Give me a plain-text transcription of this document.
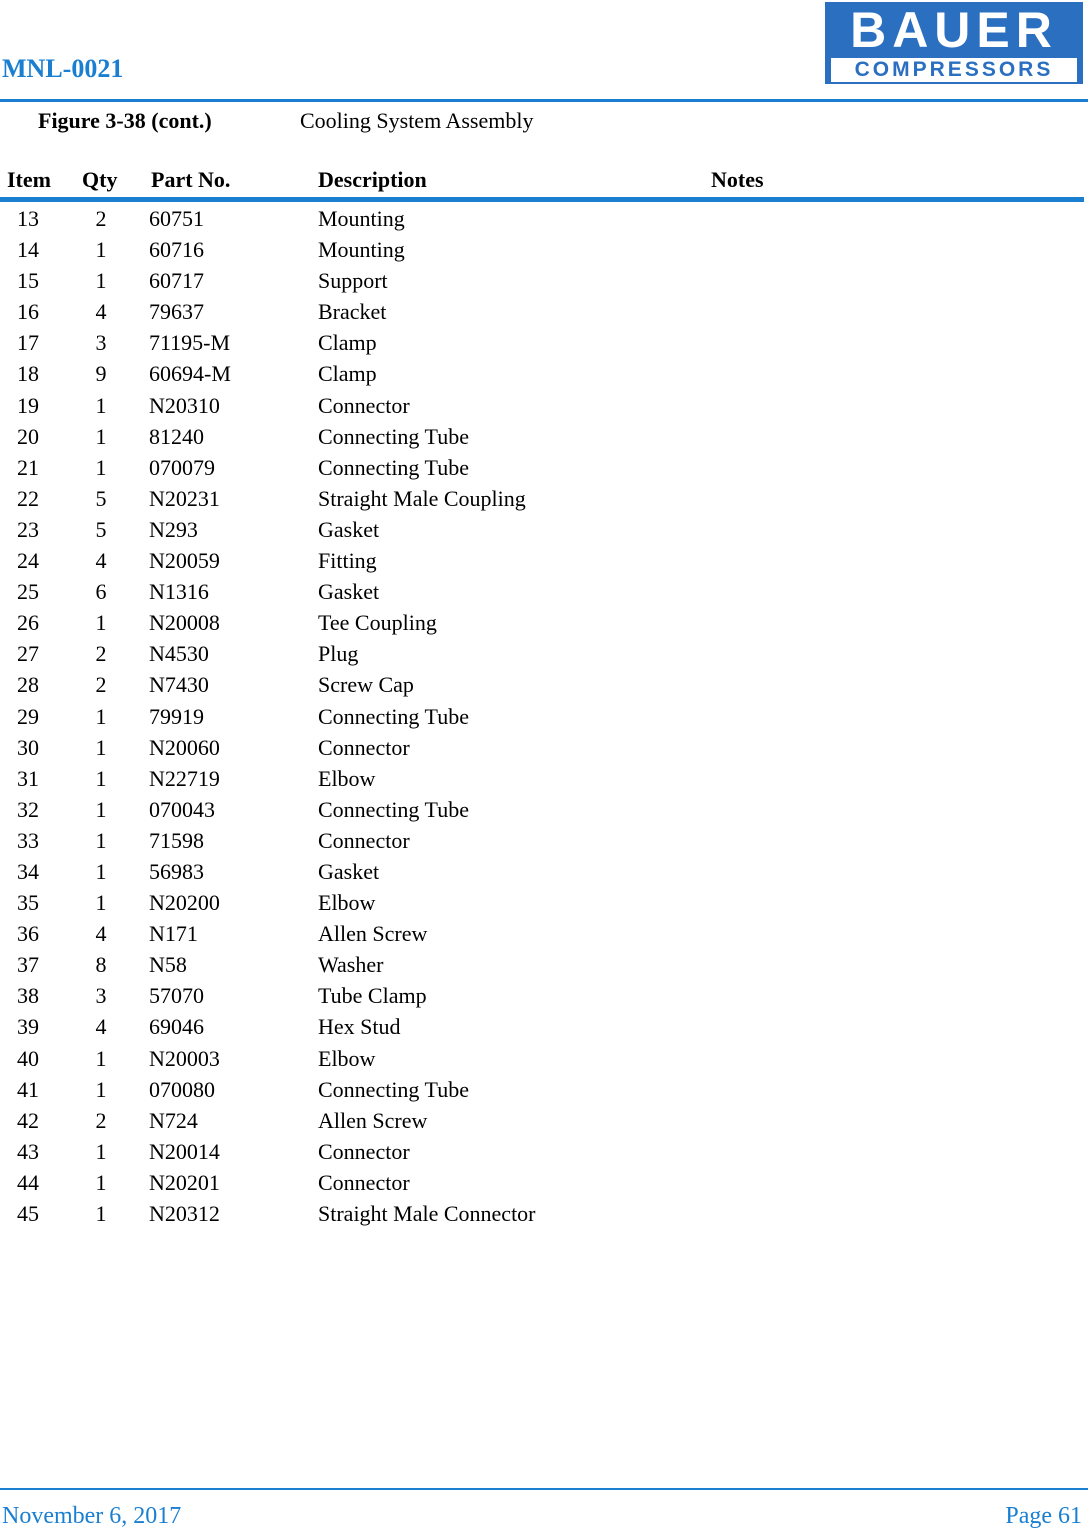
MNL-0021
BAUER
COMPRESSORS
Figure 3-38 (cont.)	Cooling System Assembly
Item Qty Part No.	Description	Notes
13	2	60751	Mounting
14	1	60716	Mounting
15	1	60717	Support
16	4	79637	Bracket
17	3	71195-M	Clamp
18	9	60694-M	Clamp
19	1	N20310	Connector
20	1	81240	Connecting Tube
21	1	070079	Connecting Tube
22	5	N20231	Straight Male Coupling
23	5	N293	Gasket
24	4	N20059	Fitting
25	6	N1316	Gasket
26	1	N20008	Tee Coupling
27	2	N4530	Plug
28	2	N7430	Screw Cap
29	1	79919	Connecting Tube
30	1	N20060	Connector
31	1	N22719	Elbow
32	1	070043	Connecting Tube
33	1	71598	Connector
34	1	56983	Gasket
35	1	N20200	Elbow
36	4	N171	Allen Screw
37	8	N58	Washer
38	3	57070	Tube Clamp
39	4	69046	Hex Stud
40	1	N20003	Elbow
41	1	070080	Connecting Tube
42	2	N724	Allen Screw
43	1	N20014	Connector
44	1	N20201	Connector
45	1	N20312	Straight Male Connector
November 6, 2017	Page 61
